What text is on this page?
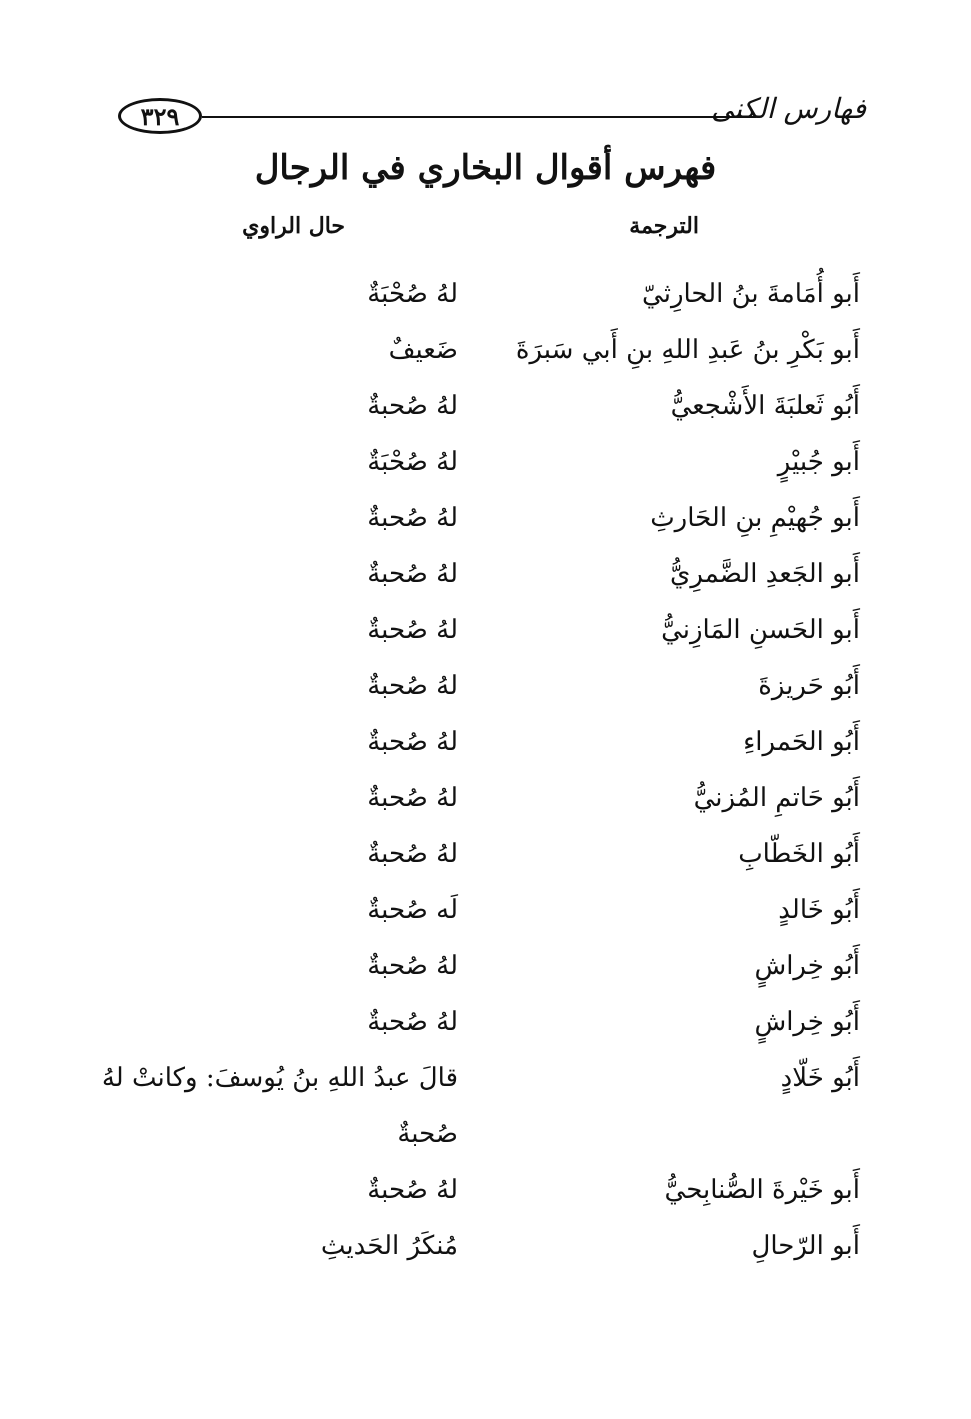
٣٢٩	فهارس الكنى
فهرس أقوال البخاري في الرجال
الترجمة
حال الراوي
أَبو أُمَامةَ بنُ الحارِثيّ
لهُ صُحْبَةٌ
أَبو بَكْرِ بنُ عَبدِ اللهِ بنِ أَبي سَبرَةَ
ضَعيفٌ
أَبُو ثَعلبَةَ الأَشْجعيُّ
لهُ صُحبةٌ
أَبو جُبيْرٍ
لهُ صُحْبَةٌ
أَبو جُهيْمِ بنِ الحَارثِ
لهُ صُحبةٌ
أَبو الجَعدِ الضَّمرِيُّ
لهُ صُحبةٌ
أَبو الحَسنِ المَازِنيُّ
لهُ صُحبةٌ
أَبُو حَريزةَ
لهُ صُحبةٌ
أَبُو الحَمراءِ
لهُ صُحبةٌ
أَبُو حَاتمِ المُزنيُّ
لهُ صُحبةٌ
أَبُو الخَطّابِ
لهُ صُحبةٌ
أَبُو خَالدٍ
لَه صُحبةٌ
أَبُو خِراشٍ
لهُ صُحبةٌ
أَبُو خِراشٍ
لهُ صُحبةٌ
أَبُو خَلّادٍ
قالَ عبدُ اللهِ بنُ يُوسفَ: وكانتْ لهُ صُحبةٌ
أَبو خَيْرةَ الصُّنابِحيُّ
لهُ صُحبةٌ
أَبو الرّحالِ
مُنكَرُ الحَديثِ
